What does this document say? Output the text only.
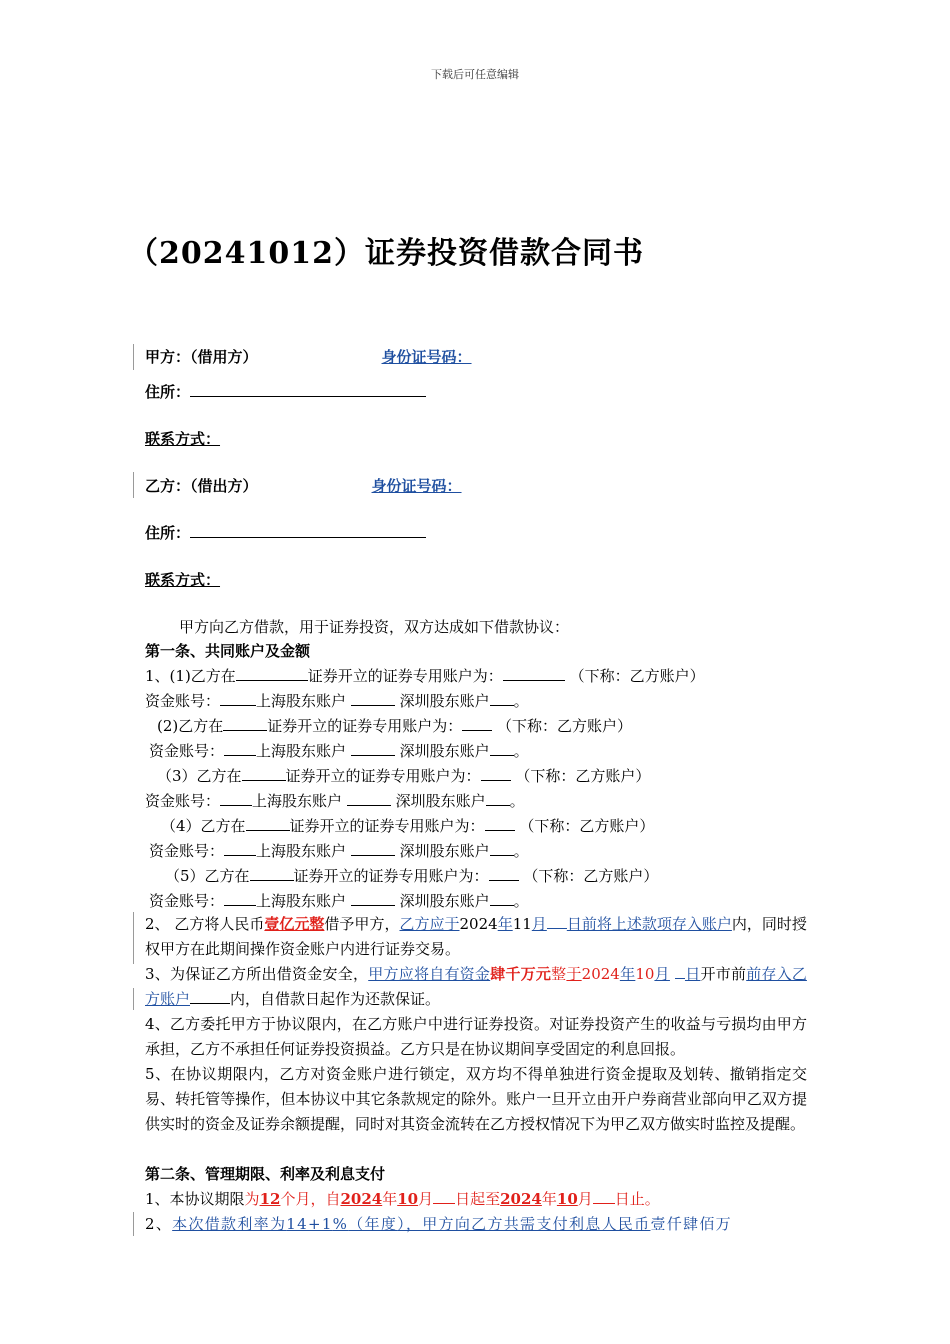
下载后可任意编辑
（20241012）证券投资借款合同书
甲方：（借用方）	身份证号码：
住所：
联系方式：
乙方：（借出方）	身份证号码：
住所：
联系方式：
甲方向乙方借款，用于证券投资，双方达成如下借款协议：
第一条、共同账户及金额
1、(1)乙方在	证券开立的证券专用账户为：	（下称：乙方账户）
资金账号： 上海股东账户	深圳股东账户 。
(2)乙方在	证券开立的证券专用账户为： （下称：乙方账户）
资金账号： 上海股东账户	深圳股东账户 。
（3）乙方在	证券开立的证券专用账户为： （下称：乙方账户）
资金账号： 上海股东账户	深圳股东账户 。
（4）乙方在	证券开立的证券专用账户为： （下称：乙方账户）
资金账号： 上海股东账户	深圳股东账户 。
（5）乙方在	证券开立的证券专用账户为： （下称：乙方账户）
资金账号： 上海股东账户	深圳股东账户 。
2、 乙方将人民币壹亿元整借予甲方，乙方应于2024年11月 日前将上述款项存入账户内，同时授权甲方在此期间操作资金账户内进行证券交易。
3、为保证乙方所出借资金安全，甲方应将自有资金肆千万元整于2024年10月 日开市前前存入乙方账户	内，自借款日起作为还款保证。
4、乙方委托甲方于协议限内，在乙方账户中进行证券投资。对证券投资产生的收益与亏损均由甲方承担，乙方不承担任何证券投资损益。乙方只是在协议期间享受固定的利息回报。
5、在协议期限内，乙方对资金账户进行锁定，双方均不得单独进行资金提取及划转、撤销指定交易、转托管等操作，但本协议中其它条款规定的除外。账户一旦开立由开户券商营业部向甲乙双方提供实时的资金及证券余额提醒，同时对其资金流转在乙方授权情况下为甲乙双方做实时监控及提醒。
第二条、管理期限、利率及利息支付
1、本协议期限为12个月，自2024年10月 日起至2024年10月 日止。
2、本次借款利率为14+1%（年度），甲方向乙方共需支付利息人民币壹仟肆佰万
